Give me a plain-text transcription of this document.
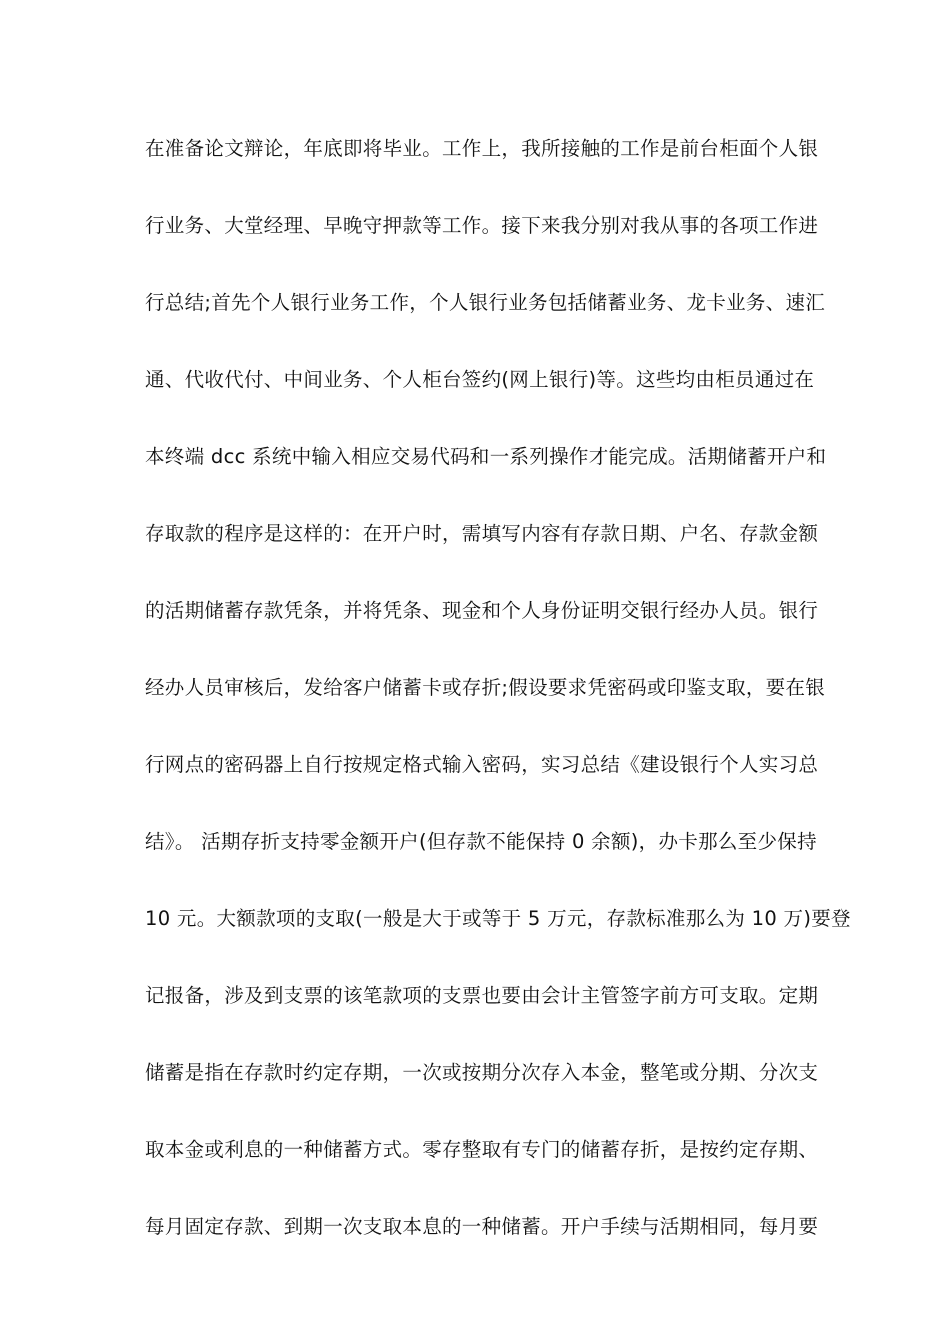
在准备论文辩论，年底即将毕业。工作上，我所接触的工作是前台柜面个人银
行业务、大堂经理、早晚守押款等工作。接下来我分别对我从事的各项工作进
行总结;首先个人银行业务工作，个人银行业务包括储蓄业务、龙卡业务、速汇
通、代收代付、中间业务、个人柜台签约(网上银行)等。这些均由柜员通过在
本终端 dcc 系统中输入相应交易代码和一系列操作才能完成。活期储蓄开户和
存取款的程序是这样的：在开户时，需填写内容有存款日期、户名、存款金额
的活期储蓄存款凭条，并将凭条、现金和个人身份证明交银行经办人员。银行
经办人员审核后，发给客户储蓄卡或存折;假设要求凭密码或印鉴支取，要在银
行网点的密码器上自行按规定格式输入密码，实习总结《建设银行个人实习总
结》。 活期存折支持零金额开户(但存款不能保持 0 余额)，办卡那么至少保持
10 元。大额款项的支取(一般是大于或等于 5 万元，存款标准那么为 10 万)要登
记报备，涉及到支票的该笔款项的支票也要由会计主管签字前方可支取。定期
储蓄是指在存款时约定存期，一次或按期分次存入本金，整笔或分期、分次支
取本金或利息的一种储蓄方式。零存整取有专门的储蓄存折，是按约定存期、
每月固定存款、到期一次支取本息的一种储蓄。开户手续与活期相同，每月要
